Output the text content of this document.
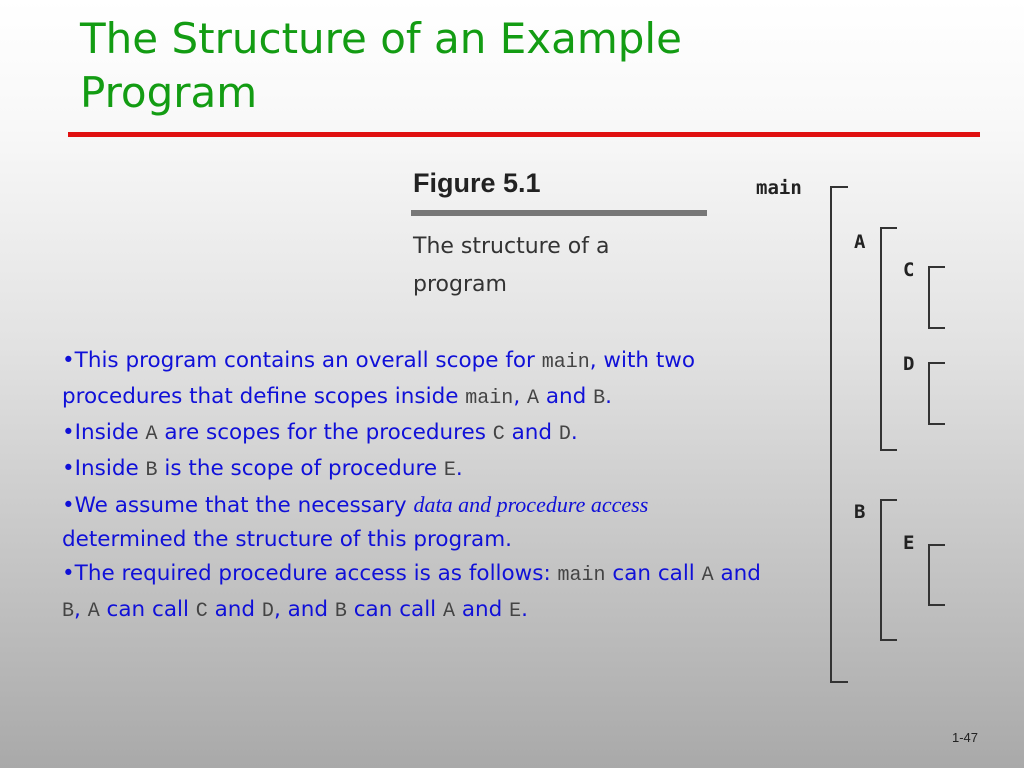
The Structure of an Example
Program
Figure 5.1
The structure of a
program
main
A
C
D
B
E
•This program contains an overall scope for main, with two procedures that define scopes inside main, A and B.
•Inside A are scopes for the procedures C and D.
•Inside B is the scope of procedure E.
•We assume that the necessary data and procedure access determined the structure of this program.
•The required procedure access is as follows: main can call A and B, A can call C and D, and B can call A and E.
1-47
